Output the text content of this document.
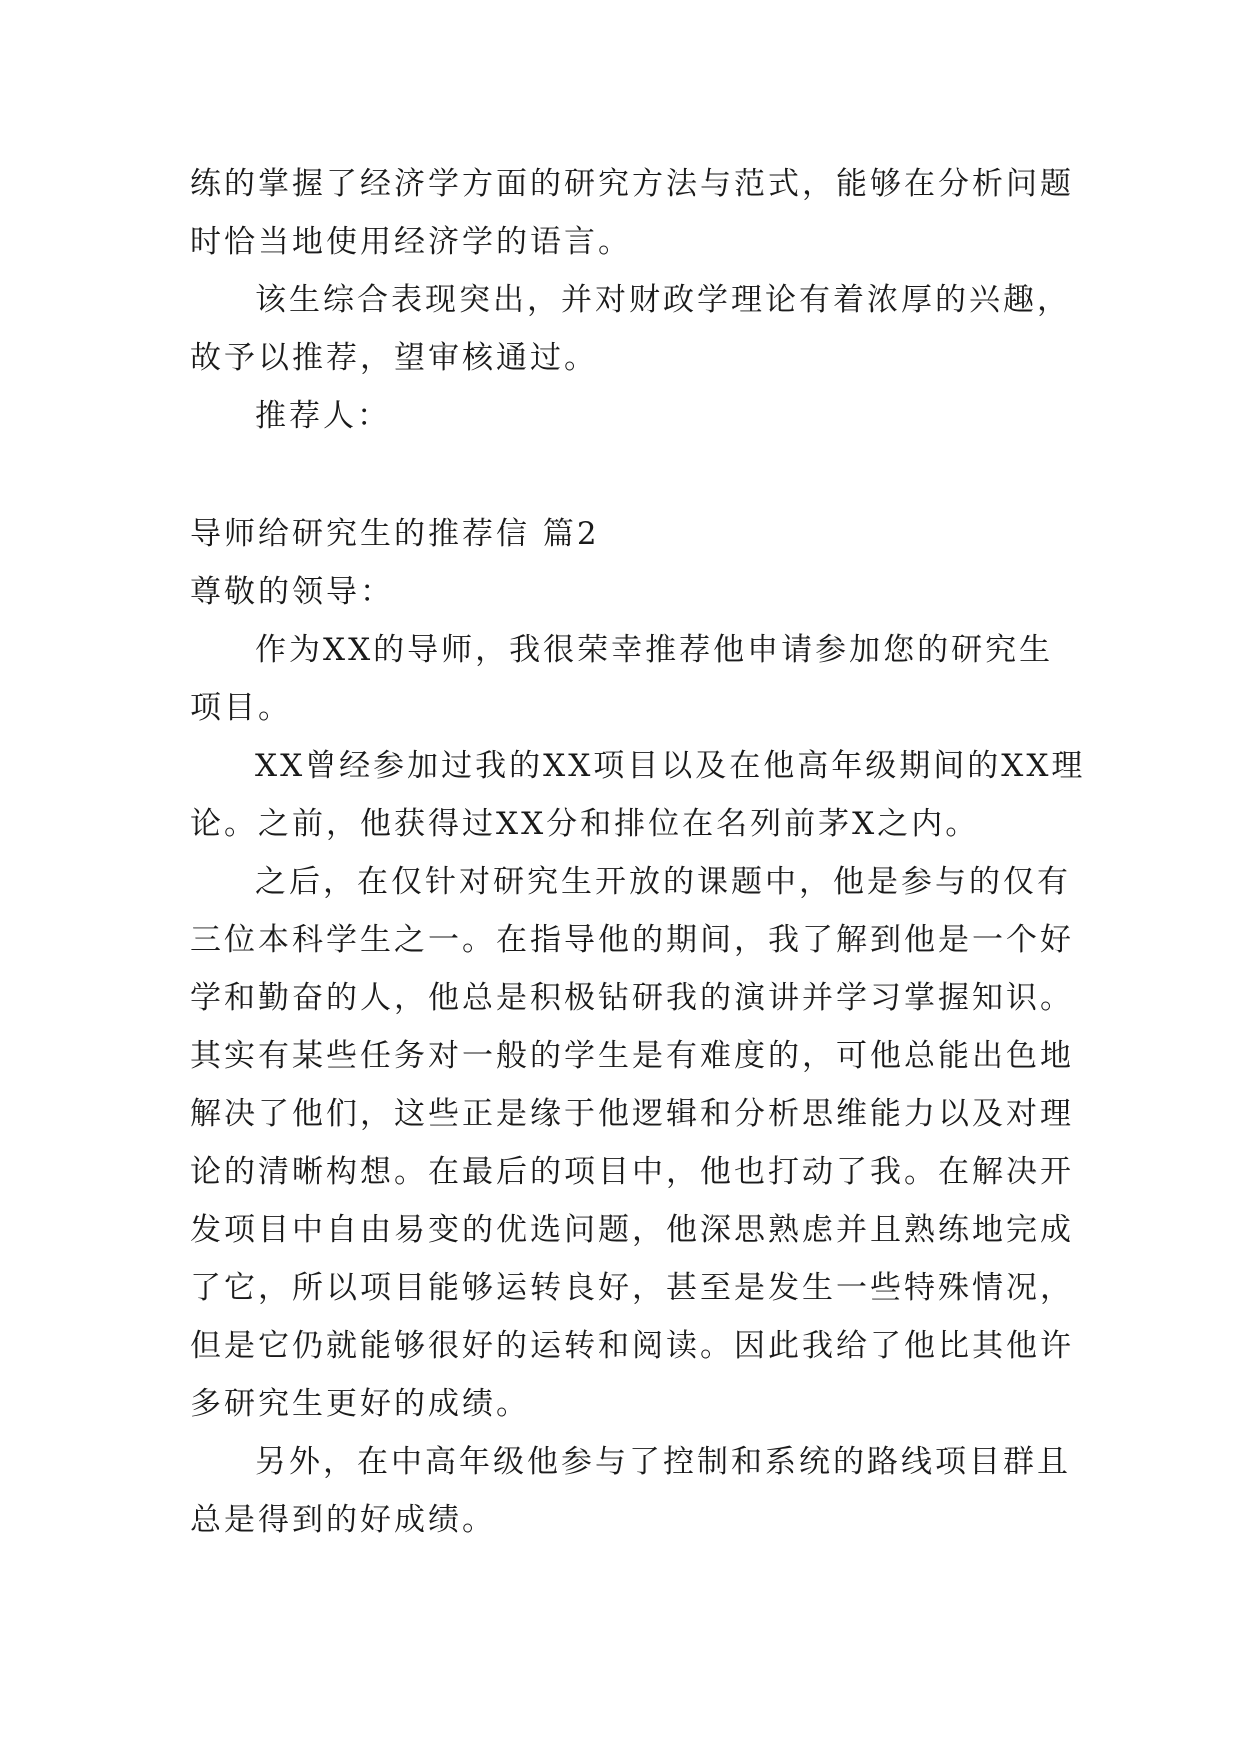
练的掌握了经济学方面的研究方法与范式，能够在分析问题
时恰当地使用经济学的语言。
该生综合表现突出，并对财政学理论有着浓厚的兴趣，
故予以推荐，望审核通过。
推荐人：
导师给研究生的推荐信 篇2
尊敬的领导：
作为XX的导师，我很荣幸推荐他申请参加您的研究生
项目。
XX曾经参加过我的XX项目以及在他高年级期间的XX理
论。之前，他获得过XX分和排位在名列前茅X之内。
之后，在仅针对研究生开放的课题中，他是参与的仅有
三位本科学生之一。在指导他的期间，我了解到他是一个好
学和勤奋的人，他总是积极钻研我的演讲并学习掌握知识。
其实有某些任务对一般的学生是有难度的，可他总能出色地
解决了他们，这些正是缘于他逻辑和分析思维能力以及对理
论的清晰构想。在最后的项目中，他也打动了我。在解决开
发项目中自由易变的优选问题，他深思熟虑并且熟练地完成
了它，所以项目能够运转良好，甚至是发生一些特殊情况，
但是它仍就能够很好的运转和阅读。因此我给了他比其他许
多研究生更好的成绩。
另外，在中高年级他参与了控制和系统的路线项目群且
总是得到的好成绩。
